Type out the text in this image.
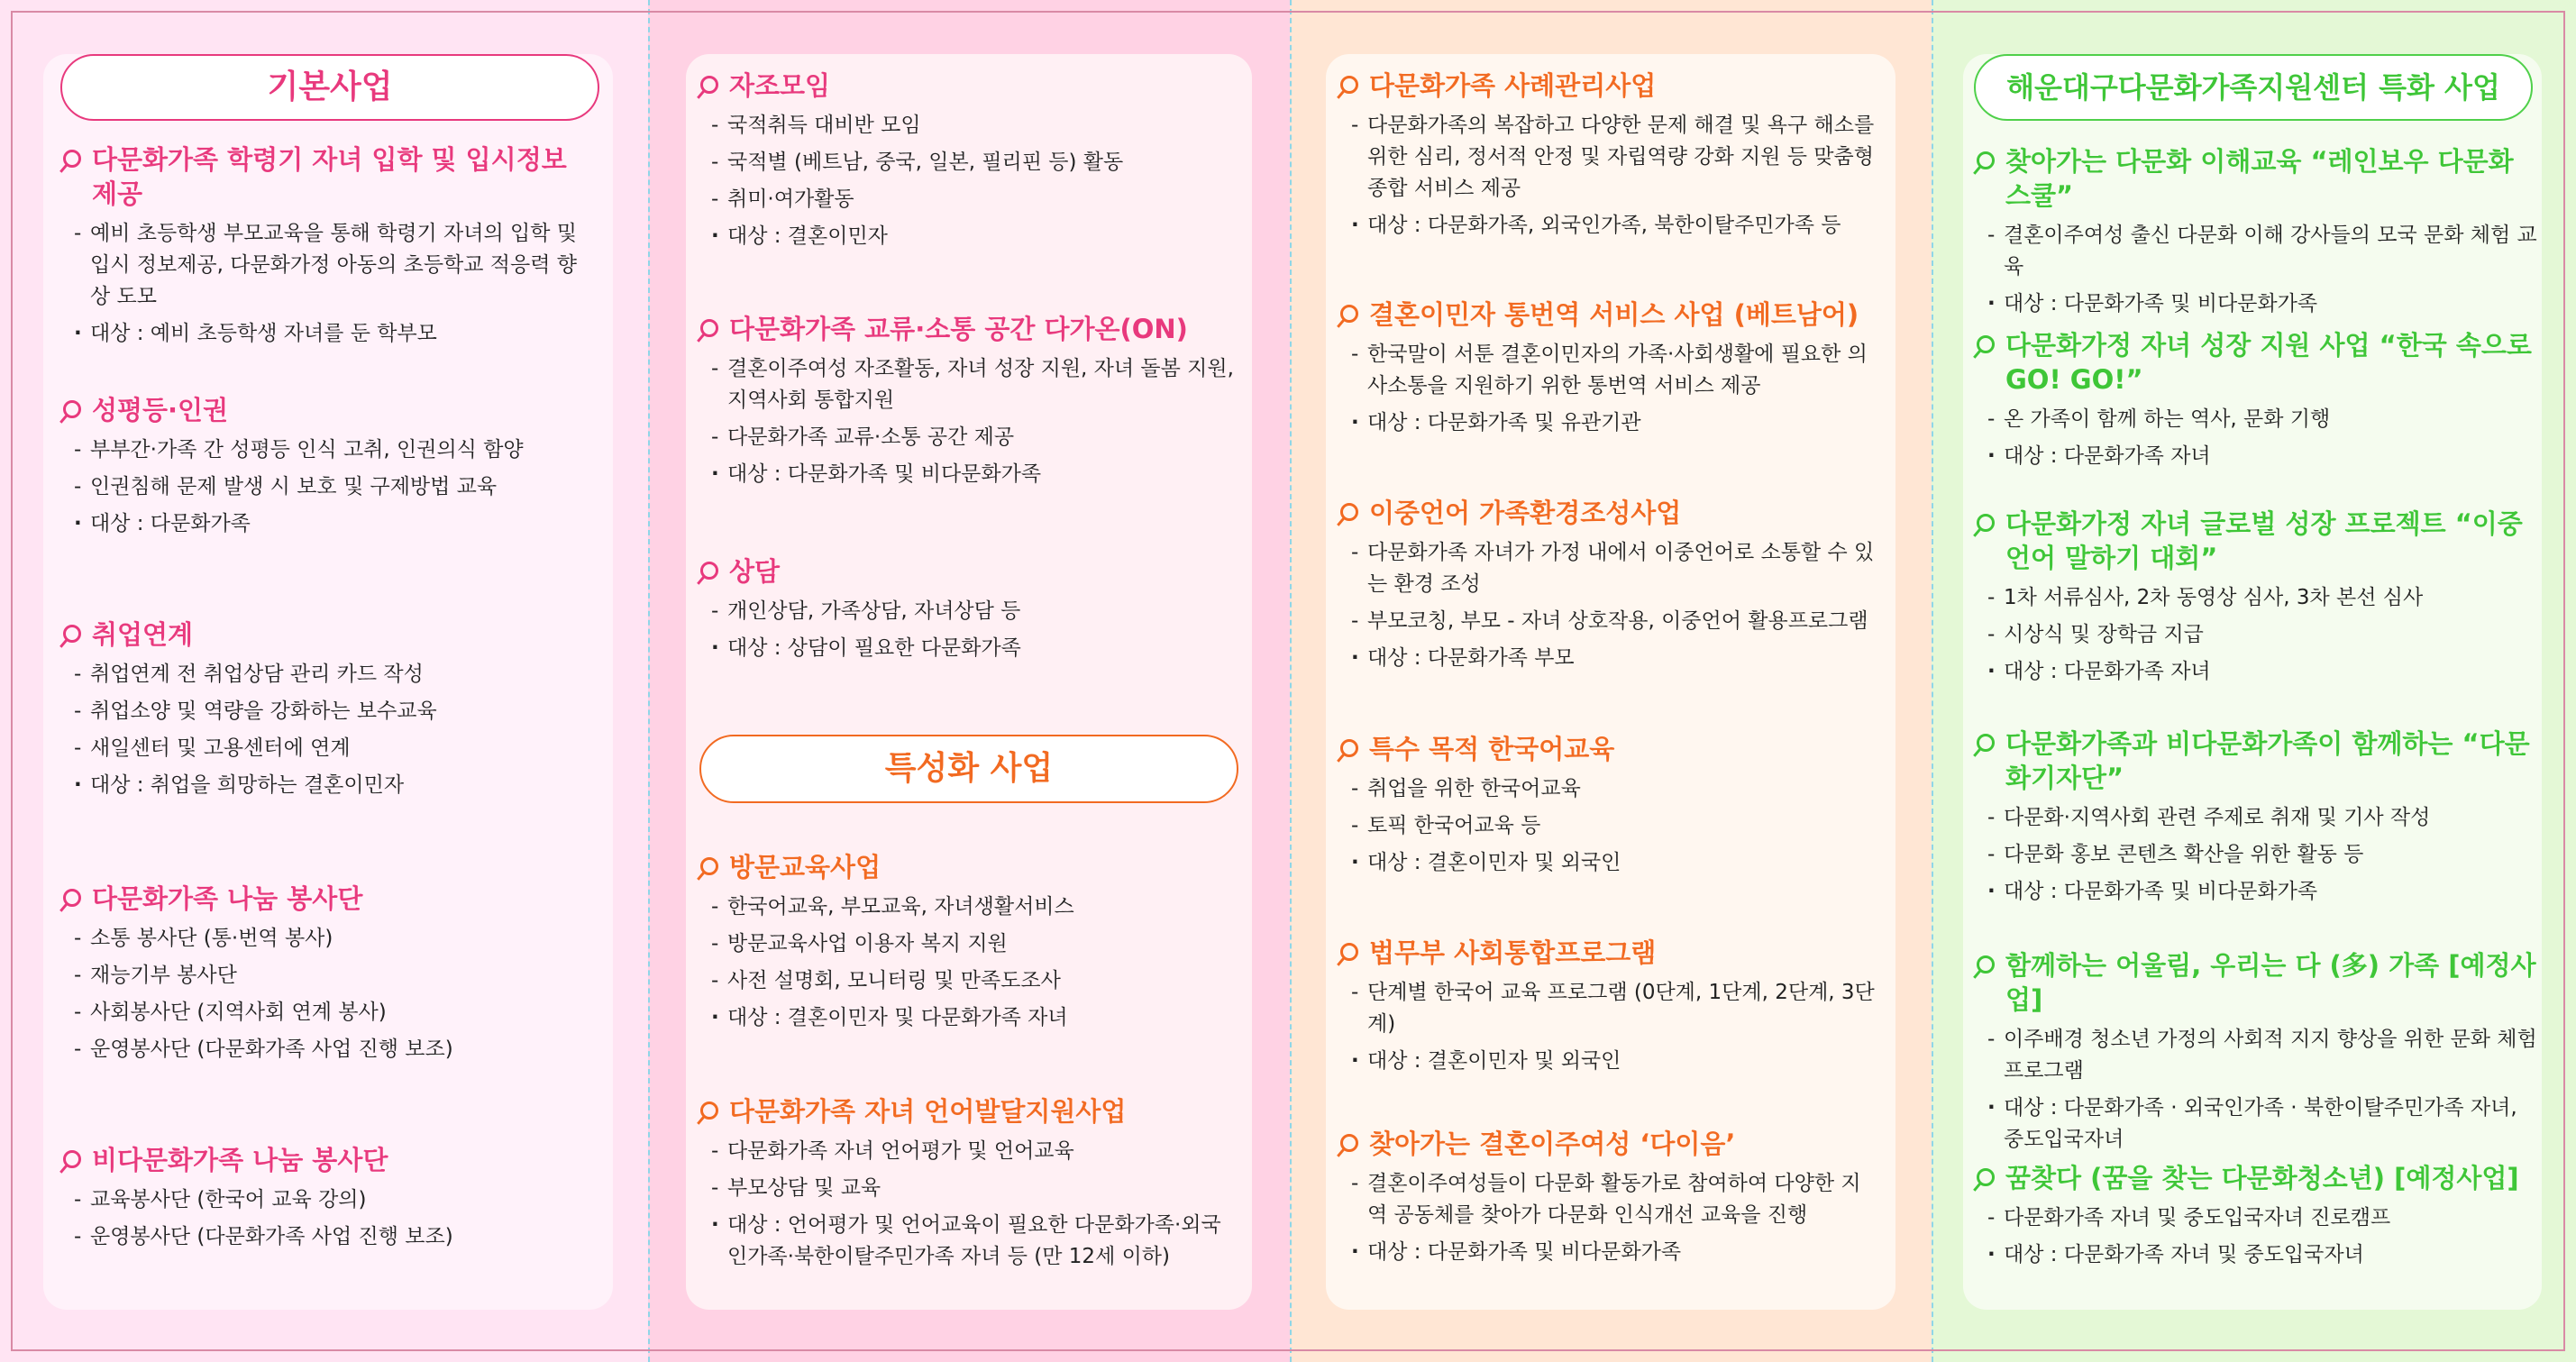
기본사업
다문화가족 학령기 자녀 입학 및 입시정보 제공
- 예비 초등학생 부모교육을 통해 학령기 자녀의 입학 및 입시 정보제공, 다문화가정 아동의 초등학교 적응력 향상 도모
· 대상 : 예비 초등학생 자녀를 둔 학부모
성평등·인권
- 부부간·가족 간 성평등 인식 고취, 인권의식 함양
- 인권침해 문제 발생 시 보호 및 구제방법 교육
· 대상 : 다문화가족
취업연계
- 취업연계 전 취업상담 관리 카드 작성
- 취업소양 및 역량을 강화하는 보수교육
- 새일센터 및 고용센터에 연계
· 대상 : 취업을 희망하는 결혼이민자
다문화가족 나눔 봉사단
- 소통 봉사단 (통·번역 봉사)
- 재능기부 봉사단
- 사회봉사단 (지역사회 연계 봉사)
- 운영봉사단 (다문화가족 사업 진행 보조)
비다문화가족 나눔 봉사단
- 교육봉사단 (한국어 교육 강의)
- 운영봉사단 (다문화가족 사업 진행 보조)
자조모임
- 국적취득 대비반 모임
- 국적별 (베트남, 중국, 일본, 필리핀 등) 활동
- 취미·여가활동
· 대상 : 결혼이민자
다문화가족 교류·소통 공간 다가온(ON)
- 결혼이주여성 자조활동, 자녀 성장 지원, 자녀 돌봄 지원, 지역사회 통합지원
- 다문화가족 교류·소통 공간 제공
· 대상 : 다문화가족 및 비다문화가족
상담
- 개인상담, 가족상담, 자녀상담 등
· 대상 : 상담이 필요한 다문화가족
특성화 사업
방문교육사업
- 한국어교육, 부모교육, 자녀생활서비스
- 방문교육사업 이용자 복지 지원
- 사전 설명회, 모니터링 및 만족도조사
· 대상 : 결혼이민자 및 다문화가족 자녀
다문화가족 자녀 언어발달지원사업
- 다문화가족 자녀 언어평가 및 언어교육
- 부모상담 및 교육
· 대상 : 언어평가 및 언어교육이 필요한 다문화가족·외국인가족·북한이탈주민가족 자녀 등 (만 12세 이하)
다문화가족 사례관리사업
- 다문화가족의 복잡하고 다양한 문제 해결 및 욕구 해소를 위한 심리, 정서적 안정 및 자립역량 강화 지원 등 맞춤형 종합 서비스 제공
· 대상 : 다문화가족, 외국인가족, 북한이탈주민가족 등
결혼이민자 통번역 서비스 사업 (베트남어)
- 한국말이 서툰 결혼이민자의 가족·사회생활에 필요한 의사소통을 지원하기 위한 통번역 서비스 제공
· 대상 : 다문화가족 및 유관기관
이중언어 가족환경조성사업
- 다문화가족 자녀가 가정 내에서 이중언어로 소통할 수 있는 환경 조성
- 부모코칭, 부모 - 자녀 상호작용, 이중언어 활용프로그램
· 대상 : 다문화가족 부모
특수 목적 한국어교육
- 취업을 위한 한국어교육
- 토픽 한국어교육 등
· 대상 : 결혼이민자 및 외국인
법무부 사회통합프로그램
- 단계별 한국어 교육 프로그램 (0단계, 1단계, 2단계, 3단계)
· 대상 : 결혼이민자 및 외국인
찾아가는 결혼이주여성 ‘다이음’
- 결혼이주여성들이 다문화 활동가로 참여하여 다양한 지역 공동체를 찾아가 다문화 인식개선 교육을 진행
· 대상 : 다문화가족 및 비다문화가족
해운대구다문화가족지원센터 특화 사업
찾아가는 다문화 이해교육 “레인보우 다문화스쿨”
- 결혼이주여성 출신 다문화 이해 강사들의 모국 문화 체험 교육
· 대상 : 다문화가족 및 비다문화가족
다문화가정 자녀 성장 지원 사업 “한국 속으로 GO! GO!”
- 온 가족이 함께 하는 역사, 문화 기행
· 대상 : 다문화가족 자녀
다문화가정 자녀 글로벌 성장 프로젝트 “이중언어 말하기 대회”
- 1차 서류심사, 2차 동영상 심사, 3차 본선 심사
- 시상식 및 장학금 지급
· 대상 : 다문화가족 자녀
다문화가족과 비다문화가족이 함께하는 “다문화기자단”
- 다문화·지역사회 관련 주제로 취재 및 기사 작성
- 다문화 홍보 콘텐츠 확산을 위한 활동 등
· 대상 : 다문화가족 및 비다문화가족
함께하는 어울림, 우리는 다 (多) 가족 [예정사업]
- 이주배경 청소년 가정의 사회적 지지 향상을 위한 문화 체험 프로그램
· 대상 : 다문화가족 · 외국인가족 · 북한이탈주민가족 자녀, 중도입국자녀
꿈찾다 (꿈을 찾는 다문화청소년) [예정사업]
- 다문화가족 자녀 및 중도입국자녀 진로캠프
· 대상 : 다문화가족 자녀 및 중도입국자녀
